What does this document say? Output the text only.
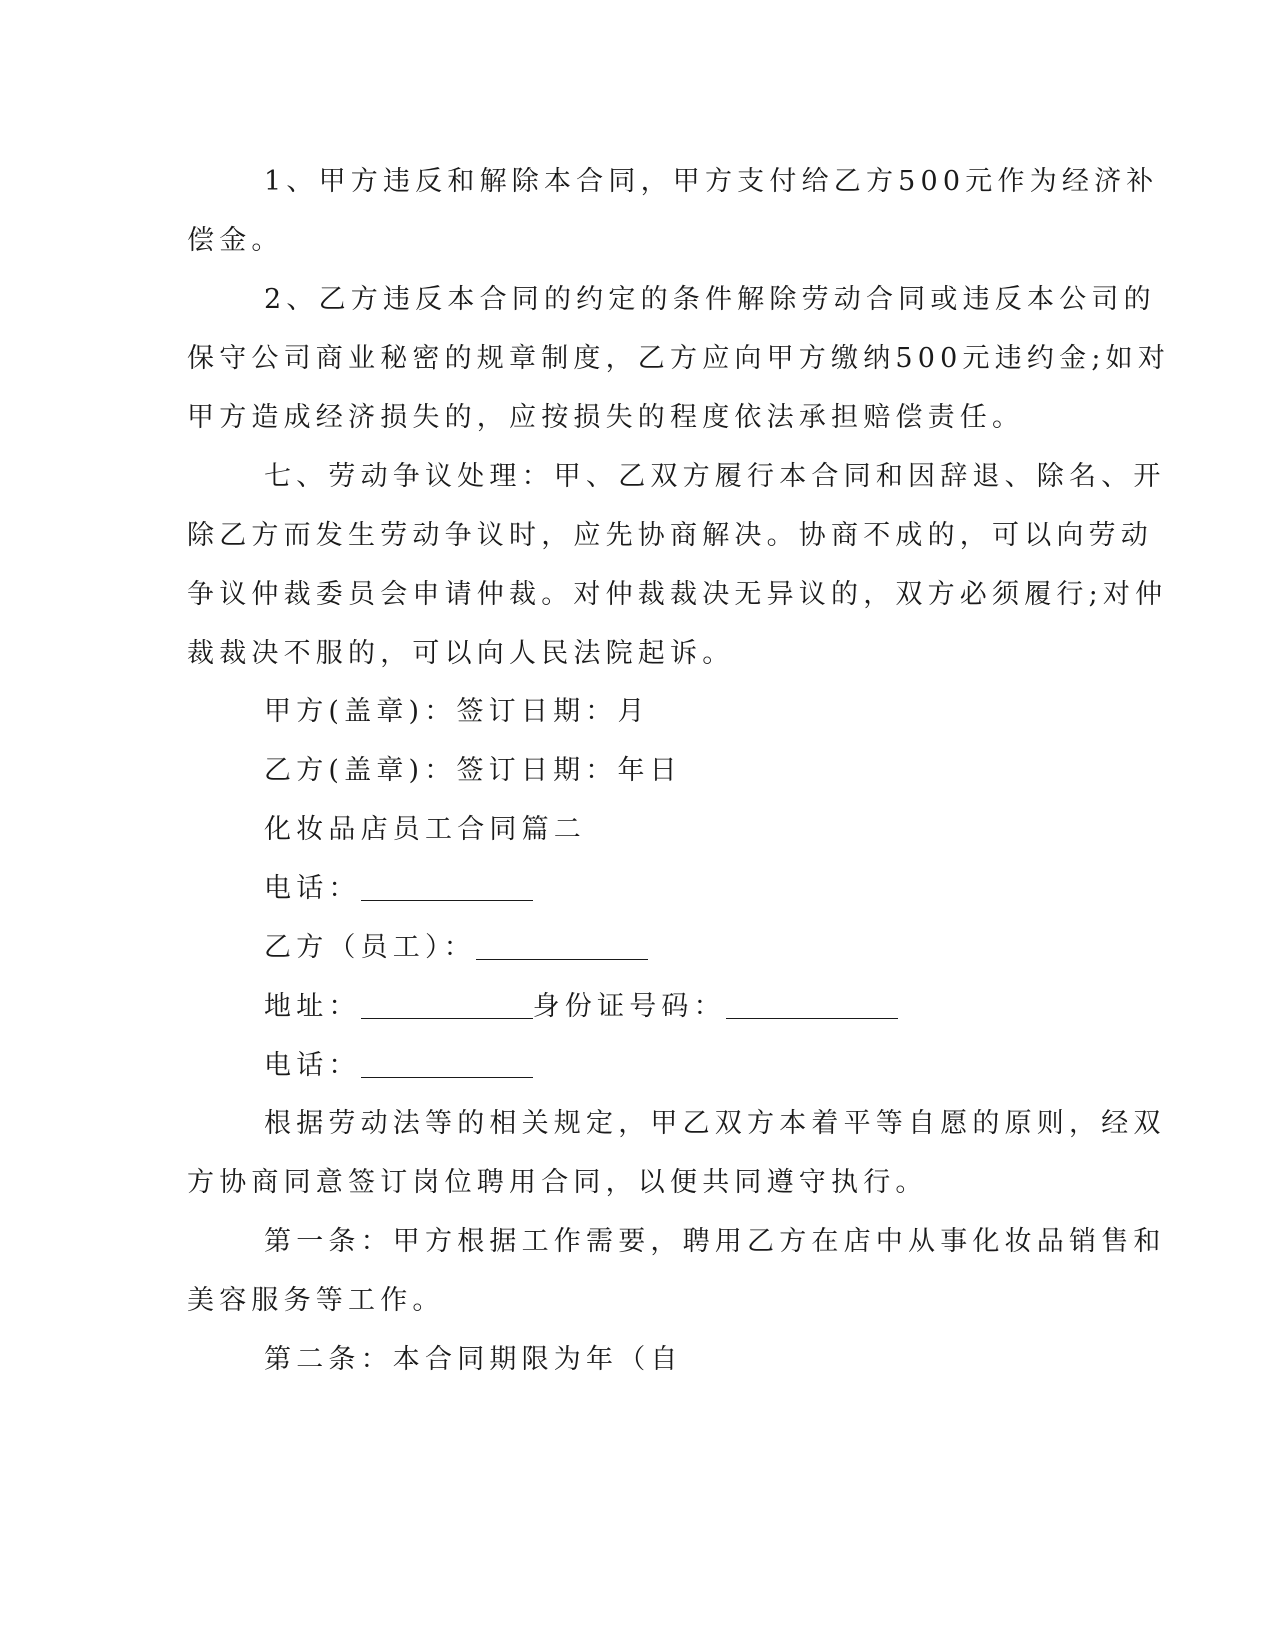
1、甲方违反和解除本合同，甲方支付给乙方500元作为经济补
偿金。
2、乙方违反本合同的约定的条件解除劳动合同或违反本公司的
保守公司商业秘密的规章制度，乙方应向甲方缴纳500元违约金;如对
甲方造成经济损失的，应按损失的程度依法承担赔偿责任。
七、劳动争议处理：甲、乙双方履行本合同和因辞退、除名、开
除乙方而发生劳动争议时，应先协商解决。协商不成的，可以向劳动
争议仲裁委员会申请仲裁。对仲裁裁决无异议的，双方必须履行;对仲
裁裁决不服的，可以向人民法院起诉。
甲方(盖章)：签订日期：月
乙方(盖章)：签订日期：年日
化妆品店员工合同篇二
电话：
乙方（员工）：
地址：	身份证号码：
电话：
根据劳动法等的相关规定，甲乙双方本着平等自愿的原则，经双
方协商同意签订岗位聘用合同，以便共同遵守执行。
第一条：甲方根据工作需要，聘用乙方在店中从事化妆品销售和
美容服务等工作。
第二条：本合同期限为年（自
